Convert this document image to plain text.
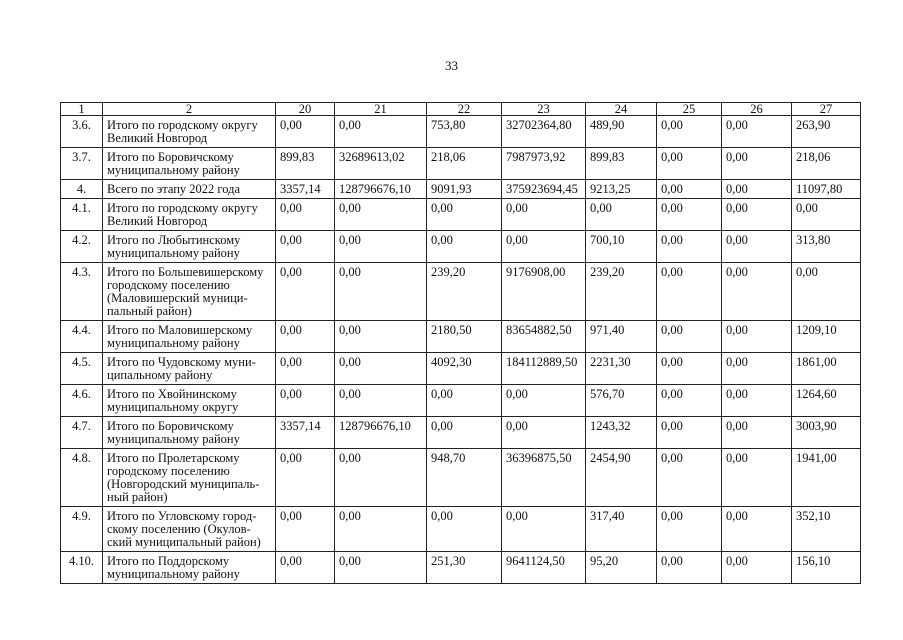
33
1	2	20	21	22	23	24	25	26	27
3.6.	Итого по городскому округу
Великий Новгород	0,00	0,00	753,80	32702364,80	489,90	0,00	0,00	263,90
3.7.	Итого по Боровичскому
муниципальному району	899,83	32689613,02	218,06	7987973,92	899,83	0,00	0,00	218,06
4.	Всего по этапу 2022 года	3357,14	128796676,10	9091,93	375923694,45	9213,25	0,00	0,00	11097,80
4.1.	Итого по городскому округу
Великий Новгород	0,00	0,00	0,00	0,00	0,00	0,00	0,00	0,00
4.2.	Итого по Любытинскому
муниципальному району	0,00	0,00	0,00	0,00	700,10	0,00	0,00	313,80
4.3.	Итого по Большевишерскому
городскому поселению
(Маловишерский муници-
пальный район)	0,00	0,00	239,20	9176908,00	239,20	0,00	0,00	0,00
4.4.	Итого по Маловишерскому
муниципальному району	0,00	0,00	2180,50	83654882,50	971,40	0,00	0,00	1209,10
4.5.	Итого по Чудовскому муни-
ципальному району	0,00	0,00	4092,30	184112889,50	2231,30	0,00	0,00	1861,00
4.6.	Итого по Хвойнинскому
муниципальному округу	0,00	0,00	0,00	0,00	576,70	0,00	0,00	1264,60
4.7.	Итого по Боровичскому
муниципальному району	3357,14	128796676,10	0,00	0,00	1243,32	0,00	0,00	3003,90
4.8.	Итого по Пролетарскому
городскому поселению
(Новгородский муниципаль-
ный район)	0,00	0,00	948,70	36396875,50	2454,90	0,00	0,00	1941,00
4.9.	Итого по Угловскому город-
скому поселению (Окулов-
ский муниципальный район)	0,00	0,00	0,00	0,00	317,40	0,00	0,00	352,10
4.10.	Итого по Поддорскому
муниципальному району	0,00	0,00	251,30	9641124,50	95,20	0,00	0,00	156,10
